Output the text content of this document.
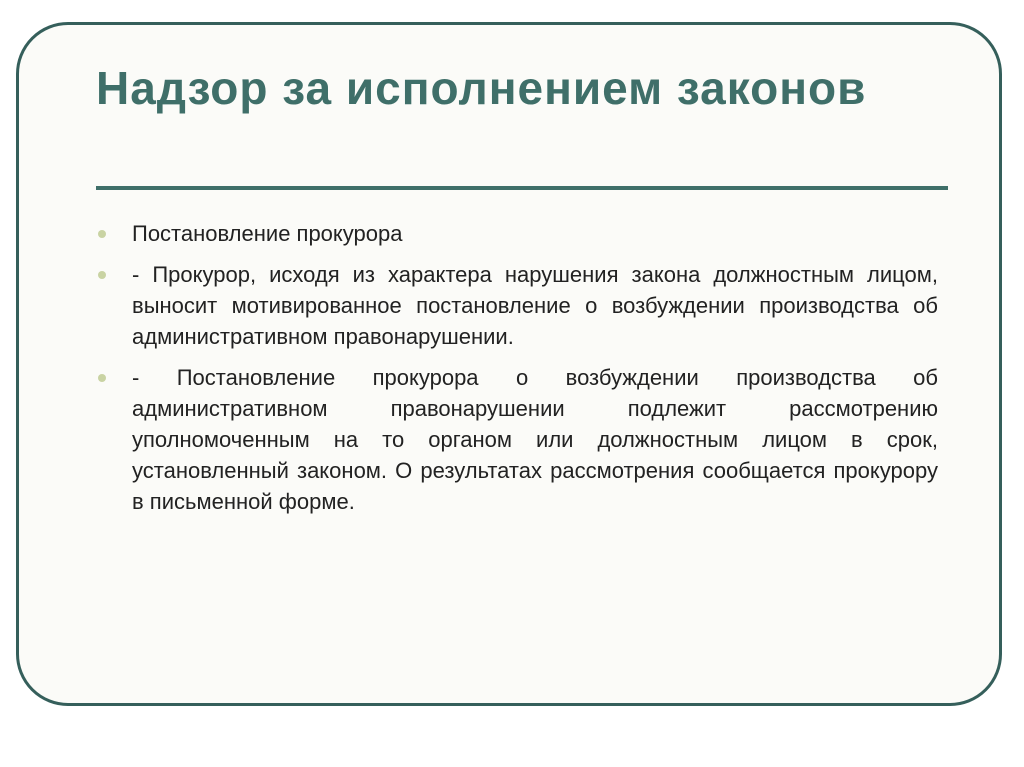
Надзор за исполнением законов
Постановление прокурора
- Прокурор, исходя из характера нарушения закона должностным лицом, выносит мотивированное постановление о возбуждении производства об административном правонарушении.
- Постановление прокурора о возбуждении производства об административном правонарушении подлежит рассмотрению уполномоченным на то органом или должностным лицом в срок, установленный законом. О результатах рассмотрения сообщается прокурору в письменной форме.
